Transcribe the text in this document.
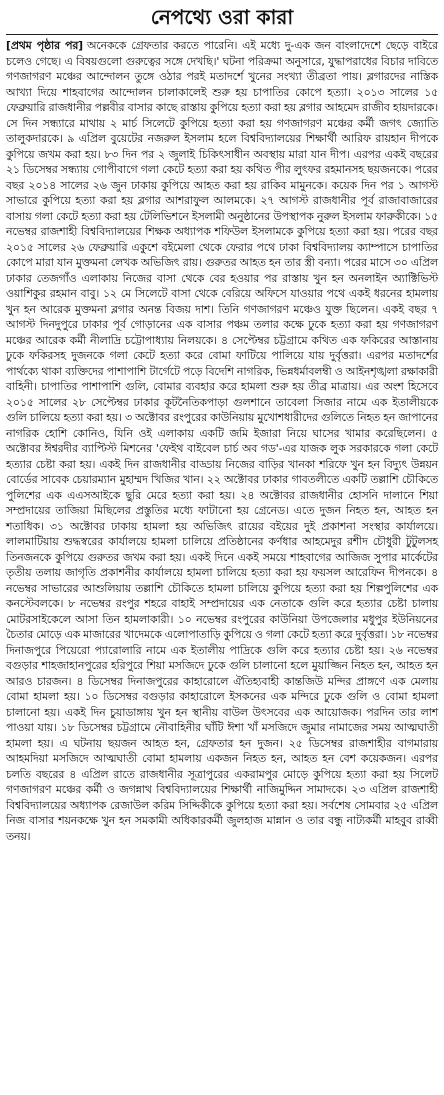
নেপথ্যে ওরা কারা
[প্রথম পৃষ্ঠার পর] অনেককে গ্রেফতার করতে পারেনি। এই মধ্যে দু-এক জন বাংলাদেশে ছেড়ে বাইরে চলেও গেছে। এ বিষয়গুলো গুরুত্বের সঙ্গে দেখছি।' ঘটনা পরিক্রমা অনুসারে, যুদ্ধাপরাধের বিচার দাবিতে গণজাগরণ মঞ্চের আন্দোলন তুঙ্গে ওঠার পরই মতাদর্শে খুনের সংখ্যা তীব্রতা পায়। ব্লগারদের নাস্তিক আখ্যা দিয়ে শাহবাগের আন্দোলন চালাকালেই শুরু হয় চাপাতির কোপে হত্যা। ২০১৩ সালের ১৫ ফেব্রুয়ারি রাজধানীর পল্লবীর বাসার কাছে রাস্তায় কুপিয়ে হত্যা করা হয় ব্লগার আহমেদ রাজীব হায়দারকে। সে দিন সন্ধ্যারে মাথায় ২ মার্চ সিলেটে কুপিয়ে হত্যা করা হয় গণজাগরণ মঞ্চের কর্মী জগৎ জ্যোতি তালুকদারকে। ৯ এপ্রিল বুয়েটের নজরুল ইসলাম হলে বিশ্ববিদ্যালয়ের শিক্ষার্থী আরিফ রায়হান দীপকে কুপিয়ে জখম করা হয়। ৮৩ দিন পর ২ জুলাই চিকিৎসাধীন অবস্থায় মারা যান দীপ। এরপর একই বছরের ২১ ডিসেম্বর সন্ধ্যায় গোপীবাগে গলা কেটে হত্যা করা হয় কথিত পীর লুৎফর রহমানসহ ছয়জনকে। পরের বছর ২০১৪ সালের ২৬ জুন ঢাকায় কুপিয়ে আহত করা হয় রাকিব মামুনকে। কয়েক দিন পর ১ আগস্ট সাভারে কুপিয়ে হত্যা করা হয় ব্লগার আশরাফুল আলমকে। ২৭ আগস্ট রাজধানীর পূর্ব রাজাবাজারের বাসায় গলা কেটে হত্যা করা হয় টেলিভিশনে ইসলামী অনুষ্ঠানের উপস্থাপক নুরুল ইসলাম ফারুকীকে। ১৫ নভেম্বর রাজশাহী বিশ্ববিদ্যালয়ের শিক্ষক অধ্যাপক শফিউল ইসলামকে কুপিয়ে হত্যা করা হয়। পরের বছর ২০১৫ সালের ২৬ ফেব্রুয়ারি একুশে বইমেলা থেকে ফেরার পথে ঢাকা বিশ্ববিদ্যালয় ক্যাম্পাসে চাপাতির কোপে মারা যান মুক্তমনা লেখক অভিজিৎ রায়। গুরুতর আহত হন তার স্ত্রী বন্যা। পরের মাসে ৩০ এপ্রিল ঢাকার তেজগাঁও এলাকায় নিজের বাসা থেকে বের হওয়ার পর রাস্তায় খুন হন অনলাইন অ্যাক্টিভিস্ট ওয়াশিকুর রহমান বাবু। ১২ মে সিলেটে বাসা থেকে বেরিয়ে অফিসে যাওয়ার পথে একই ধরনের হামলায় খুন হন আরেক মুক্তমনা ব্লগার অনন্ত বিজয় দাশ। তিনি গণজাগরণ মঞ্চেও যুক্ত ছিলেন। একই বছর ৭ আগস্ট দিনদুপুরে ঢাকার পূর্ব গোড়ানের এক বাসার পঞ্চম তলার কক্ষে ঢুকে হত্যা করা হয় গণজাগরণ মঞ্চের আরেক কর্মী নীলাদ্রি চট্টোপাধ্যায় নিলয়কে। ৪ সেপ্টেম্বর চট্টগ্রামে কথিত এক ফকিরের আস্তানায় ঢুকে ফকিরসহ দুজনকে গলা কেটে হত্যা করে বোমা ফাটিয়ে পালিয়ে যায় দুর্বৃত্তরা। এরপর মতাদর্শের পার্থক্যে থাকা ব্যক্তিদের পাশাপাশি টার্গেটে পড়ে বিদেশি নাগরিক, ভিন্নধর্মাবলম্বী ও আইনশৃঙ্খলা রক্ষাকারী বাহিনী। চাপাতির পাশাপাশি গুলি, বোমার ব্যবহার করে হামলা শুরু হয় তীব্র মাত্রায়। এর অংশ হিসেবে ২০১৫ সালের ২৮ সেপ্টেম্বর ঢাকার কূটনৈতিকপাড়া গুলশানে তাবেলা সিজার নামে এক ইতালীয়কে গুলি চালিয়ে হত্যা করা হয়। ৩ অক্টোবর রংপুরের কাউনিয়ায় মুখোশধারীদের গুলিতে নিহত হন জাপানের নাগরিক হোশি কোনিও, যিনি ওই এলাকায় একটি জমি ইজারা নিয়ে ঘাসের খামার করেছিলেন। ৫ অক্টোবর ঈশ্বরদীর ব্যাপ্টিস্ট মিশনের 'ফেইথ বাইবেল চার্চ অব গড'-এর যাজক লুক সরকারকে গলা কেটে হত্যার চেষ্টা করা হয়। একই দিন রাজধানীর বাড্ডায় নিজের বাড়ির খানকা শরিফে খুন হন বিদ্যুৎ উন্নয়ন বোর্ডের সাবেক চেয়ারম্যান মুহাম্মদ খিজির খান। ২২ অক্টোবর ঢাকার গাবতলীতে একটি তল্লাশি চৌকিতে পুলিশের এক এএসআইকে ছুরি মেরে হত্যা করা হয়। ২৪ অক্টোবর রাজধানীর হোসনি দালানে শিয়া সম্প্রদায়ের তাজিয়া মিছিলের প্রস্তুতির মধ্যে ফাটানো হয় গ্রেনেড। এতে দুজন নিহত হন, আহত হন শতাধিক। ৩১ অক্টোবর ঢাকায় হামলা হয় অভিজিৎ রায়ের বইয়ের দুই প্রকাশনা সংস্থার কার্যালয়ে। লালমাটিয়ায় শুদ্ধস্বরের কার্যালয়ে হামলা চালিয়ে প্রতিষ্ঠানের কর্ণধার আহমেদুর রশীদ চৌধুরী টুটুলসহ তিনজনকে কুপিয়ে গুরুতর জখম করা হয়। একই দিনে একই সময়ে শাহবাগের আজিজ সুপার মার্কেটের তৃতীয় তলায় জাগৃতি প্রকাশনীর কার্যালয়ে হামলা চালিয়ে হত্যা করা হয় ফয়সল আরেফিন দীপনকে। ৪ নভেম্বর সাভারের আশুলিয়ায় তল্লাশি চৌকিতে হামলা চালিয়ে কুপিয়ে হত্যা করা হয় শিল্পপুলিশের এক কনস্টেবলকে। ৮ নভেম্বর রংপুর শহরে বাহাই সম্প্রদায়ের এক নেতাকে গুলি করে হত্যার চেষ্টা চালায় মোটরসাইকেলে আসা তিন হামলাকারী। ১০ নভেম্বর রংপুরের কাউনিয়া উপজেলার মধুপুর ইউনিয়নের চৈতার মোড়ে এক মাজারের খাদেমকে এলোপাতাড়ি কুপিয়ে ও গলা কেটে হত্যা করে দুর্বৃত্তরা। ১৮ নভেম্বর দিনাজপুরে পিয়েরো প্যারোলারি নামে এক ইতালীয় পাদ্রিকে গুলি করে হত্যার চেষ্টা হয়। ২৬ নভেম্বর বগুড়ার শাহজাহানপুরের হরিপুরে শিয়া মসজিদে ঢুকে গুলি চালানো হলে মুয়াজ্জিন নিহত হন, আহত হন আরও চারজন। ৪ ডিসেম্বর দিনাজপুরের কাহারোলে ঐতিহ্যবাহী কান্তজিউ মন্দির প্রাঙ্গণে এক মেলায় বোমা হামলা হয়। ১০ ডিসেম্বর বগুড়ার কাহারোলে ইসকনের এক মন্দিরে ঢুকে গুলি ও বোমা হামলা চালানো হয়। একই দিন চুয়াডাঙ্গায় খুন হন স্থানীয় বাউল উৎসবের এক আয়োজক। পরদিন তার লাশ পাওয়া যায়। ১৮ ডিসেম্বর চট্টগ্রামে নৌবাহিনীর ঘাঁটি ঈশা খাঁ মসজিদে জুমার নামাজের সময় আত্মঘাতী হামলা হয়। এ ঘটনায় ছয়জন আহত হন, গ্রেফতার হন দুজন। ২৫ ডিসেম্বর রাজশাহীর বাগমারায় আহমদিয়া মসজিদে আত্মঘাতী বোমা হামলায় একজন নিহত হন, আহত হন বেশ কয়েকজন। এরপর চলতি বছরের ৪ এপ্রিল রাতে রাজধানীর সূত্রাপুরের একরামপুর মোড়ে কুপিয়ে হত্যা করা হয় সিলেট গণজাগরণ মঞ্চের কর্মী ও জগন্নাথ বিশ্ববিদ্যালয়ের শিক্ষার্থী নাজিমুদ্দিন সামাদকে। ২৩ এপ্রিল রাজশাহী বিশ্ববিদ্যালয়ের অধ্যাপক রেজাউল করিম সিদ্দিকীকে কুপিয়ে হত্যা করা হয়। সর্বশেষ সোমবার ২৫ এপ্রিল নিজ বাসার শয়নকক্ষে খুন হন সমকামী অধিকারকর্মী জুলহাজ মান্নান ও তার বন্ধু নাট্যকর্মী মাহবুব রাব্বী তনয়।
